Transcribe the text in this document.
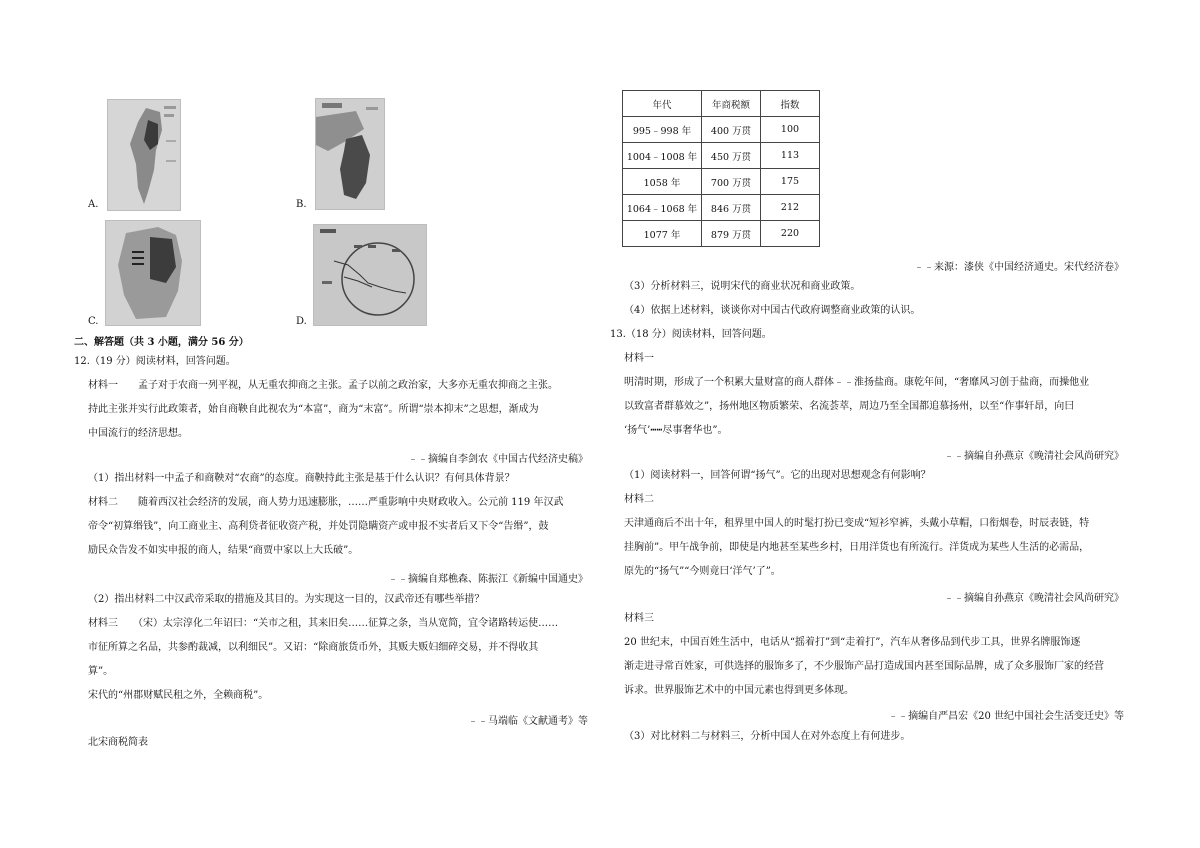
A.	B.
C.	D.
二、解答题（共 3 小题，满分 56 分）
12.（19 分）阅读材料，回答问题。
材料一　　孟子对于农商一列平视，从无重农抑商之主张。孟子以前之政治家，大多亦无重农抑商之主张。
持此主张并实行此政策者，始自商鞅自此视农为“本富”，商为“末富”。所谓“崇本抑末”之思想，渐成为
中国流行的经济思想。
﹣﹣摘编自李剑农《中国古代经济史稿》
（1）指出材料一中孟子和商鞅对“农商”的态度。商鞅持此主张是基于什么认识？有何具体背景？
材料二　　随着西汉社会经济的发展，商人势力迅速膨胀，……严重影响中央财政收入。公元前 119 年汉武
帝令“初算缗钱”，向工商业主、高利贷者征收资产税，并处罚隐瞒资产或申报不实者后又下令“告缗”，鼓
励民众告发不如实申报的商人，结果“商贾中家以上大氐破”。
﹣﹣摘编自郑樵森、陈振江《新编中国通史》
（2）指出材料二中汉武帝采取的措施及其目的。为实现这一目的，汉武帝还有哪些举措？
材料三　　（宋）太宗淳化二年诏曰：“关市之租，其来旧矣……征算之条，当从宽简，宜令诸路转运使……
市征所算之名品，共参酌裁减，以利细民”。又诏：“除商旅货币外，其贩夫贩妇细碎交易，并不得收其
算”。
宋代的“州郡财赋民租之外，全赖商税”。
﹣﹣马端临《文献通考》等
北宋商税简表
年代	年商税额	指数
995﹣998 年	400 万贯	100
1004﹣1008 年	450 万贯	113
1058 年	700 万贯	175
1064﹣1068 年	846 万贯	212
1077 年	879 万贯	220
﹣﹣来源：漆侠《中国经济通史。宋代经济卷》
（3）分析材料三，说明宋代的商业状况和商业政策。
（4）依据上述材料，谈谈你对中国古代政府调整商业政策的认识。
13.（18 分）阅读材料，回答问题。
材料一
明清时期，形成了一个积累大量财富的商人群体﹣﹣淮扬盐商。康乾年间，“奢靡风习创于盐商，而操他业
以致富者群慕效之”，扬州地区物质繁荣、名流荟萃，周边乃至全国都追慕扬州，以至“作事轩昂，向曰
‘扬气’┅┅尽事奢华也”。
﹣﹣摘编自孙燕京《晚清社会风尚研究》
（1）阅读材料一，回答何谓“扬气”。它的出现对思想观念有何影响？
材料二
天津通商后不出十年，租界里中国人的时髦打扮已变成“短衫窄裤，头戴小草帽，口衔烟卷，时辰表链，特
挂胸前”。甲午战争前，即使是内地甚至某些乡村，日用洋货也有所流行。洋货成为某些人生活的必需品，
原先的“扬气”“今则竟曰‘洋气’了”。
﹣﹣摘编自孙燕京《晚清社会风尚研究》
材料三
20 世纪末，中国百姓生活中，电话从“摇着打”到“走着打”，汽车从奢侈品到代步工具，世界名牌服饰逐
渐走进寻常百姓家，可供选择的服饰多了，不少服饰产品打造成国内甚至国际品牌，成了众多服饰厂家的经营
诉求。世界服饰艺术中的中国元素也得到更多体现。
﹣﹣摘编自严昌宏《20 世纪中国社会生活变迁史》等
（3）对比材料二与材料三，分析中国人在对外态度上有何进步。
